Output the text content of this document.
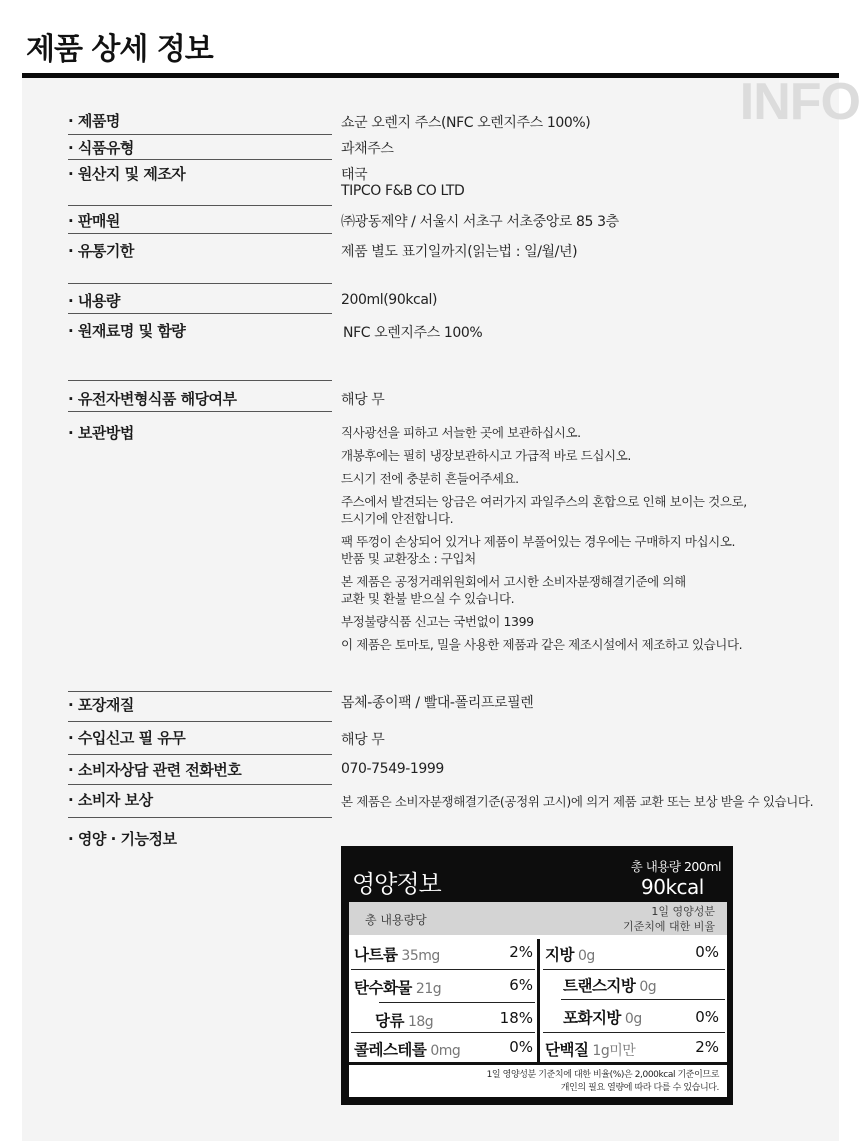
제품 상세 정보
INFO
· 제품명	쇼군 오렌지 주스(NFC 오렌지주스 100%)
· 식품유형	과채주스
· 원산지 및 제조자	태국
TIPCO F&B CO LTD
· 판매원	㈜광동제약 / 서울시 서초구 서초중앙로 85 3층
· 유통기한	제품 별도 표기일까지(읽는법 : 일/월/년)
· 내용량	200ml(90kcal)
· 원재료명 및 함량	NFC 오렌지주스 100%
· 유전자변형식품 해당여부	해당 무
· 보관방법	직사광선을 피하고 서늘한 곳에 보관하십시오.
개봉후에는 필히 냉장보관하시고 가급적 바로 드십시오.
드시기 전에 충분히 흔들어주세요.
주스에서 발견되는 앙금은 여러가지 과일주스의 혼합으로 인해 보이는 것으로,
드시기에 안전합니다.
팩 뚜껑이 손상되어 있거나 제품이 부풀어있는 경우에는 구매하지 마십시오.
반품 및 교환장소 : 구입처
본 제품은 공정거래위원회에서 고시한 소비자분쟁해결기준에 의해
교환 및 환불 받으실 수 있습니다.
부정불량식품 신고는 국번없이 1399
이 제품은 토마토, 밀을 사용한 제품과 같은 제조시설에서 제조하고 있습니다.
· 포장재질	몸체-종이팩 / 빨대-폴리프로필렌
· 수입신고 필 유무	해당 무
· 소비자상담 관련 전화번호	070-7549-1999
· 소비자 보상	본 제품은 소비자분쟁해결기준(공정위 고시)에 의거 제품 교환 또는 보상 받을 수 있습니다.
· 영양 · 기능정보
영양정보
총 내용량 200ml
90kcal
총 내용량당
1일 영양성분
기준치에 대한 비율
나트륨 35mg	2% 지방 0g	0%
탄수화물 21g	6% 트랜스지방 0g
당류 18g	18% 포화지방 0g	0%
콜레스테롤 0mg	0% 단백질 1g미만	2%
1일 영양성분 기준치에 대한 비율(%)은 2,000kcal 기준이므로
개인의 필요 열량에 따라 다를 수 있습니다.
